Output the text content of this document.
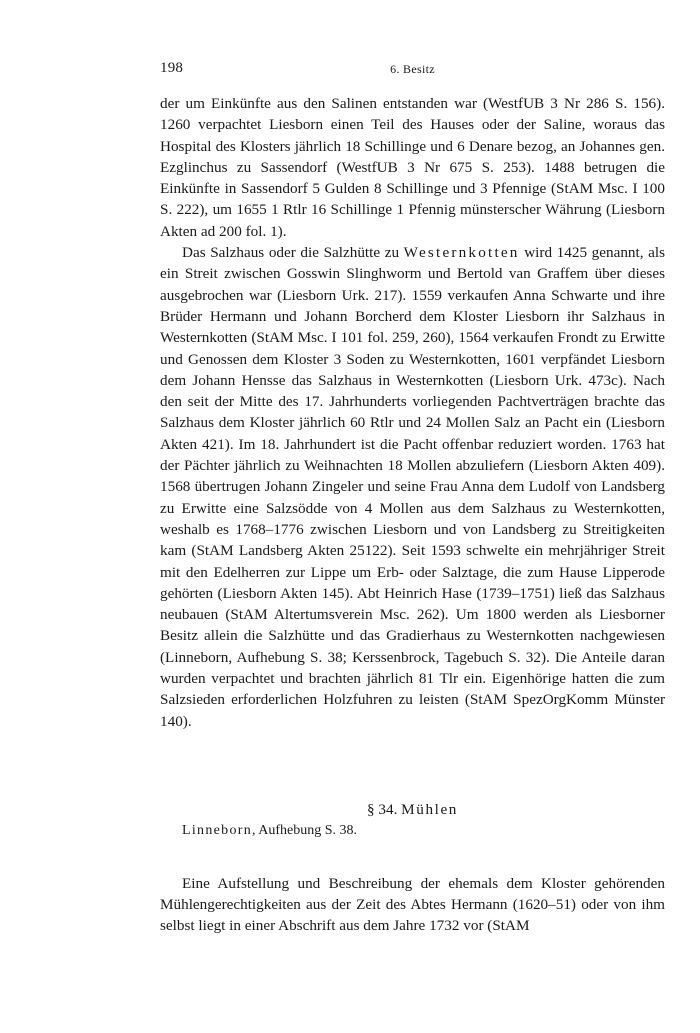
198	6. Besitz

der um Einkünfte aus den Salinen entstanden war (WestfUB 3 Nr 286 S. 156). 1260 verpachtet Liesborn einen Teil des Hauses oder der Saline, woraus das Hospital des Klosters jährlich 18 Schillinge und 6 Denare bezog, an Johannes gen. Ezglinchus zu Sassendorf (WestfUB 3 Nr 675 S. 253). 1488 betrugen die Einkünfte in Sassendorf 5 Gulden 8 Schillinge und 3 Pfennige (StAM Msc. I 100 S. 222), um 1655 1 Rtlr 16 Schillinge 1 Pfennig münsterscher Währung (Liesborn Akten ad 200 fol. 1).

Das Salzhaus oder die Salzhütte zu Westernkotten wird 1425 genannt, als ein Streit zwischen Gosswin Slinghworm und Bertold van Graffem über dieses ausgebrochen war (Liesborn Urk. 217). 1559 verkaufen Anna Schwarte und ihre Brüder Hermann und Johann Borcherd dem Kloster Liesborn ihr Salzhaus in Westernkotten (StAM Msc. I 101 fol. 259, 260), 1564 verkaufen Frondt zu Erwitte und Genossen dem Kloster 3 Soden zu Westernkotten, 1601 verpfändet Liesborn dem Johann Hensse das Salzhaus in Westernkotten (Liesborn Urk. 473c). Nach den seit der Mitte des 17. Jahrhunderts vorliegenden Pachtverträgen brachte das Salzhaus dem Kloster jährlich 60 Rtlr und 24 Mollen Salz an Pacht ein (Liesborn Akten 421). Im 18. Jahrhundert ist die Pacht offenbar reduziert worden. 1763 hat der Pächter jährlich zu Weihnachten 18 Mollen abzuliefern (Liesborn Akten 409). 1568 übertrugen Johann Zingeler und seine Frau Anna dem Ludolf von Landsberg zu Erwitte eine Salzsödde von 4 Mollen aus dem Salzhaus zu Westernkotten, weshalb es 1768–1776 zwischen Liesborn und von Landsberg zu Streitigkeiten kam (StAM Landsberg Akten 25122). Seit 1593 schwelte ein mehrjähriger Streit mit den Edelherren zur Lippe um Erb- oder Salztage, die zum Hause Lipperode gehörten (Liesborn Akten 145). Abt Heinrich Hase (1739–1751) ließ das Salzhaus neubauen (StAM Altertumsverein Msc. 262). Um 1800 werden als Liesborner Besitz allein die Salzhütte und das Gradierhaus zu Westernkotten nachgewiesen (Linneborn, Aufhebung S. 38; Kerssenbrock, Tagebuch S. 32). Die Anteile daran wurden verpachtet und brachten jährlich 81 Tlr ein. Eigenhörige hatten die zum Salzsieden erforderlichen Holzfuhren zu leisten (StAM SpezOrgKomm Münster 140).

§ 34. Mühlen

Linneborn, Aufhebung S. 38.

Eine Aufstellung und Beschreibung der ehemals dem Kloster gehörenden Mühlengerechtigkeiten aus der Zeit des Abtes Hermann (1620–51) oder von ihm selbst liegt in einer Abschrift aus dem Jahre 1732 vor (StAM
